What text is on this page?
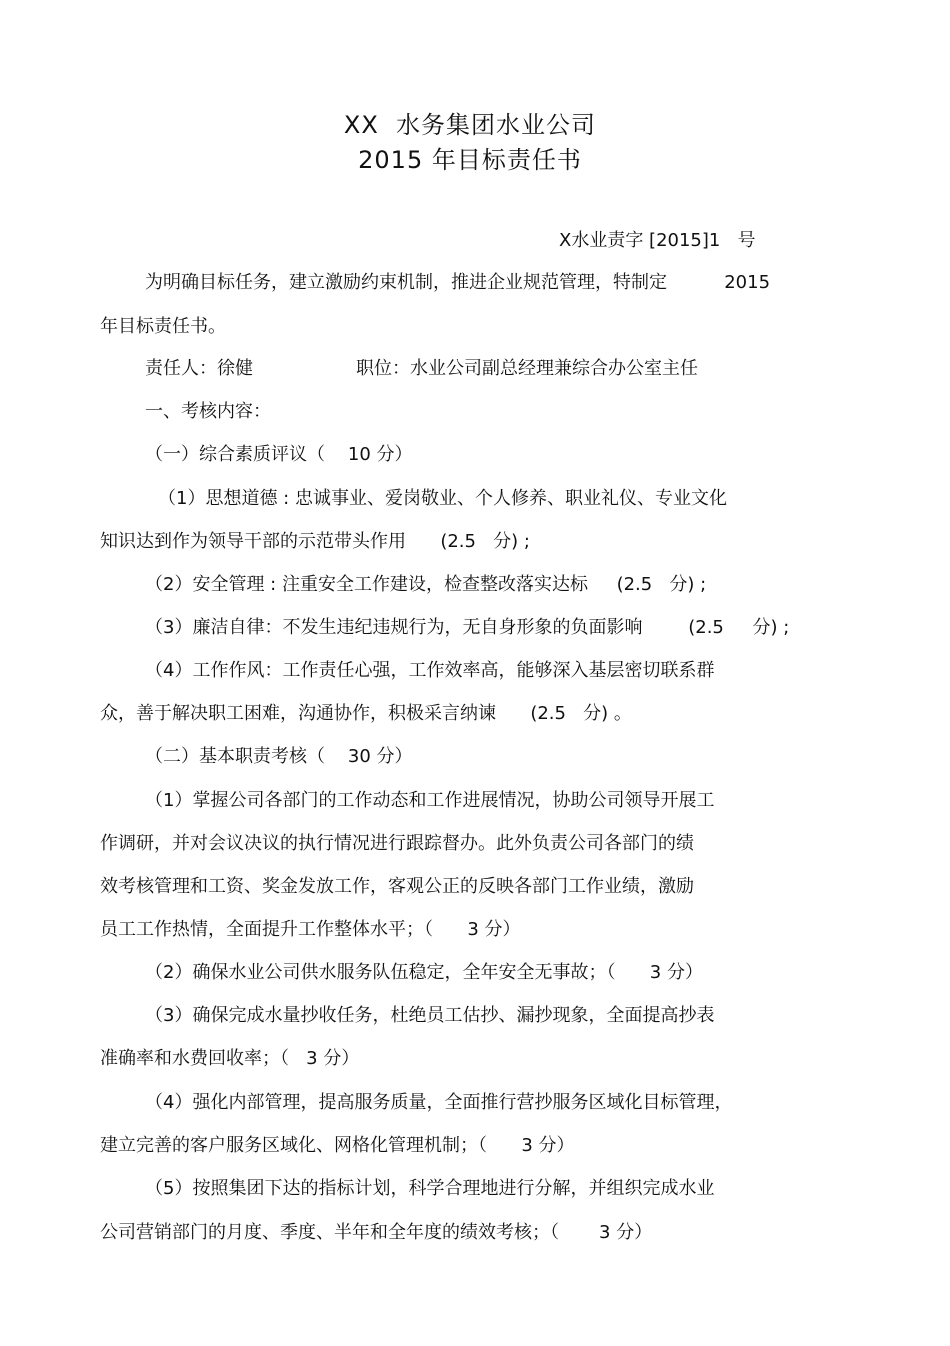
XX  水务集团水业公司
2015 年目标责任书
X水业责字 [2015]1   号
为明确目标任务，建立激励约束机制，推进企业规范管理，特制定          2015
年目标责任书。
责任人：徐健                  职位：水业公司副总经理兼综合办公室主任
一、考核内容：
（一）综合素质评议（    10 分）
（1）思想道德 : 忠诚事业、爱岗敬业、个人修养、职业礼仪、专业文化
知识达到作为领导干部的示范带头作用      (2.5   分) ;
（2）安全管理 : 注重安全工作建设，检查整改落实达标     (2.5   分) ;
（3）廉洁自律：不发生违纪违规行为，无自身形象的负面影响        (2.5     分) ;
（4）工作作风：工作责任心强，工作效率高，能够深入基层密切联系群
众，善于解决职工困难，沟通协作，积极采言纳谏      (2.5   分) 。
（二）基本职责考核（    30 分）
（1）掌握公司各部门的工作动态和工作进展情况，协助公司领导开展工
作调研，并对会议决议的执行情况进行跟踪督办。此外负责公司各部门的绩
效考核管理和工资、奖金发放工作，客观公正的反映各部门工作业绩，激励
员工工作热情，全面提升工作整体水平；（      3 分）
（2）确保水业公司供水服务队伍稳定，全年安全无事故；（      3 分）
（3）确保完成水量抄收任务，杜绝员工估抄、漏抄现象，全面提高抄表
准确率和水费回收率；（   3 分）
（4）强化内部管理，提高服务质量，全面推行营抄服务区域化目标管理，
建立完善的客户服务区域化、网格化管理机制；（      3 分）
（5）按照集团下达的指标计划，科学合理地进行分解，并组织完成水业
公司营销部门的月度、季度、半年和全年度的绩效考核；（       3 分）
